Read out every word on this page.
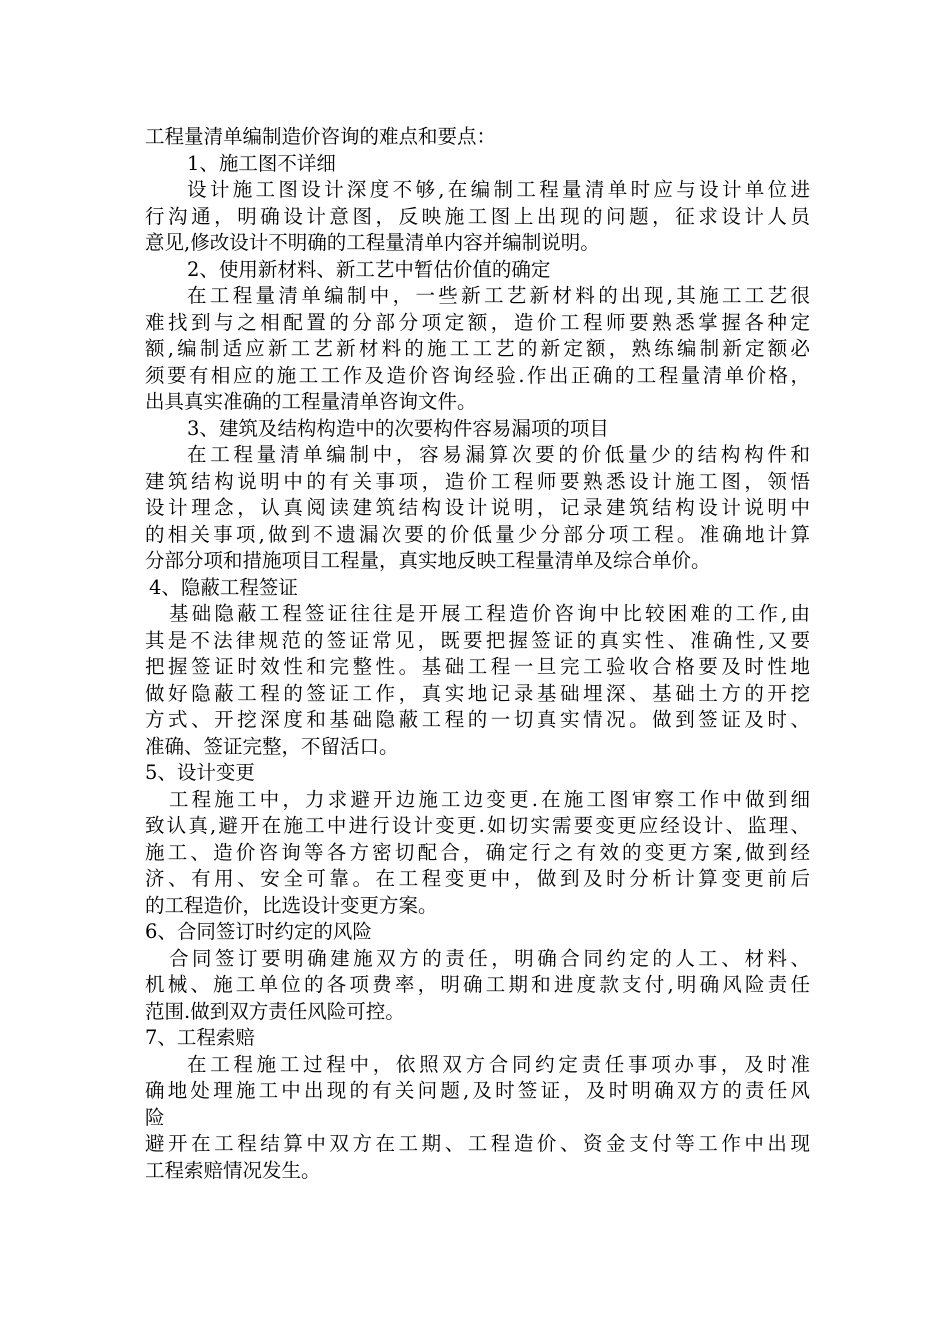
工程量清单编制造价咨询的难点和要点：
1、施工图不详细
设计施工图设计深度不够,在编制工程量清单时应与设计单位进
行沟通，明确设计意图，反映施工图上出现的问题，征求设计人员
意见,修改设计不明确的工程量清单内容并编制说明。
2、使用新材料、新工艺中暂估价值的确定
在工程量清单编制中，一些新工艺新材料的出现,其施工工艺很
难找到与之相配置的分部分项定额，造价工程师要熟悉掌握各种定
额,编制适应新工艺新材料的施工工艺的新定额，熟练编制新定额必
须要有相应的施工工作及造价咨询经验.作出正确的工程量清单价格，
出具真实准确的工程量清单咨询文件。
3、建筑及结构构造中的次要构件容易漏项的项目
在工程量清单编制中，容易漏算次要的价低量少的结构构件和
建筑结构说明中的有关事项，造价工程师要熟悉设计施工图，领悟
设计理念，认真阅读建筑结构设计说明，记录建筑结构设计说明中
的相关事项,做到不遗漏次要的价低量少分部分项工程。准确地计算
分部分项和措施项目工程量，真实地反映工程量清单及综合单价。
4、隐蔽工程签证
基础隐蔽工程签证往往是开展工程造价咨询中比较困难的工作,由
其是不法律规范的签证常见，既要把握签证的真实性、准确性,又要
把握签证时效性和完整性。基础工程一旦完工验收合格要及时性地
做好隐蔽工程的签证工作，真实地记录基础埋深、基础土方的开挖
方式、开挖深度和基础隐蔽工程的一切真实情况。做到签证及时、
准确、签证完整，不留活口。
5、设计变更
工程施工中，力求避开边施工边变更.在施工图审察工作中做到细
致认真,避开在施工中进行设计变更.如切实需要变更应经设计、监理、
施工、造价咨询等各方密切配合，确定行之有效的变更方案,做到经
济、有用、安全可靠。在工程变更中，做到及时分析计算变更前后
的工程造价，比选设计变更方案。
6、合同签订时约定的风险
合同签订要明确建施双方的责任，明确合同约定的人工、材料、
机械、施工单位的各项费率，明确工期和进度款支付,明确风险责任
范围.做到双方责任风险可控。
7、工程索赔
在工程施工过程中，依照双方合同约定责任事项办事，及时准
确地处理施工中出现的有关问题,及时签证，及时明确双方的责任风
险
避开在工程结算中双方在工期、工程造价、资金支付等工作中出现
工程索赔情况发生。
